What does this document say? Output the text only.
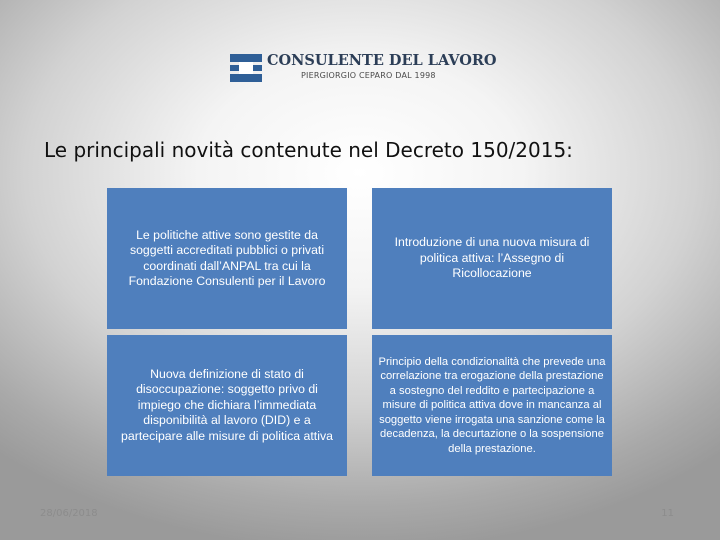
CONSULENTE DEL LAVORO
PIERGIORGIO CEPARO DAL 1998
Le principali novità contenute nel Decreto 150/2015:
Le politiche attive sono gestite da soggetti accreditati pubblici o privati coordinati dall’ANPAL tra cui la Fondazione Consulenti per il Lavoro
Introduzione di una nuova misura di politica attiva: l’Assegno di Ricollocazione
Nuova definizione di stato di disoccupazione: soggetto privo di impiego che dichiara l’immediata disponibilità al lavoro (DID) e a partecipare alle misure di politica attiva
Principio della condizionalità che prevede una correlazione tra erogazione della prestazione a sostegno del reddito e partecipazione a misure di politica attiva dove in mancanza al soggetto viene irrogata una sanzione come la decadenza, la decurtazione o la sospensione della prestazione.
28/06/2018	11
